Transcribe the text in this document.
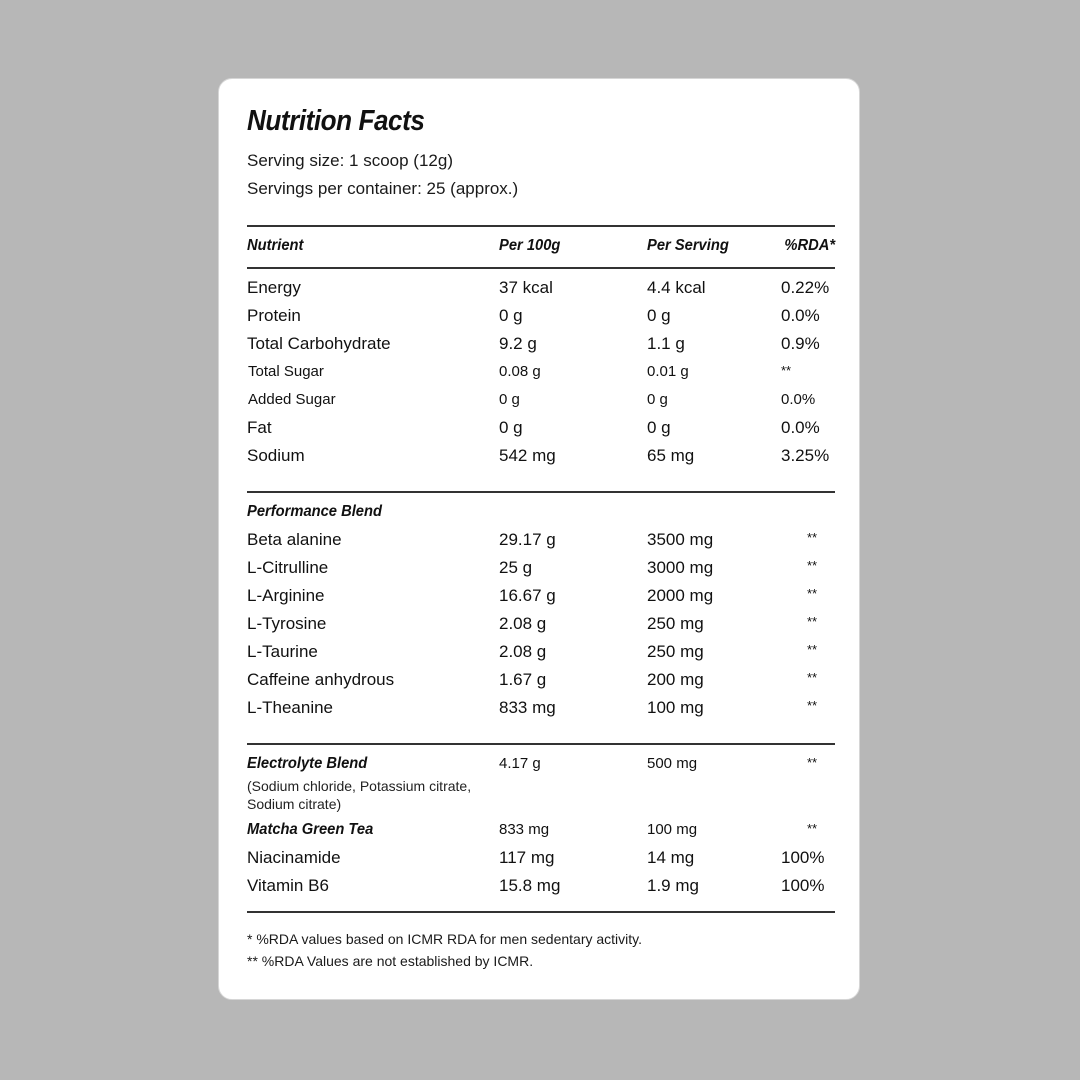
Nutrition Facts
Serving size: 1 scoop (12g)
Servings per container: 25 (approx.)
Nutrient	Per 100g	Per Serving	%RDA*
Energy	37 kcal	4.4 kcal	0.22%
Protein	0 g	0 g	0.0%
Total Carbohydrate	9.2 g	1.1 g	0.9%
Total Sugar	0.08 g	0.01 g	**
Added Sugar	0 g	0 g	0.0%
Fat	0 g	0 g	0.0%
Sodium	542 mg	65 mg	3.25%
Performance Blend
Beta alanine	29.17 g	3500 mg	**
L-Citrulline	25 g	3000 mg	**
L-Arginine	16.67 g	2000 mg	**
L-Tyrosine	2.08 g	250 mg	**
L-Taurine	2.08 g	250 mg	**
Caffeine anhydrous	1.67 g	200 mg	**
L-Theanine	833 mg	100 mg	**
Electrolyte Blend	4.17 g	500 mg	**
(Sodium chloride, Potassium citrate, Sodium citrate)
Matcha Green Tea	833 mg	100 mg	**
Niacinamide	117 mg	14 mg	100%
Vitamin B6	15.8 mg	1.9 mg	100%
* %RDA values based on ICMR RDA for men sedentary activity.
** %RDA Values are not established by ICMR.
